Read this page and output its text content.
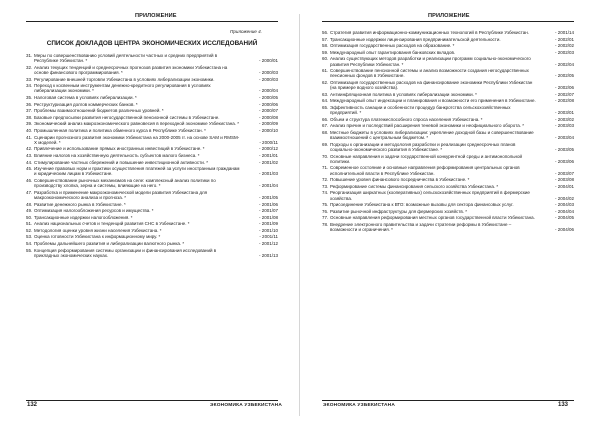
ПРИЛОЖЕНИЕ
Приложение 4.
СПИСОК ДОКЛАДОВ ЦЕНТРА ЭКОНОМИЧЕСКИХ ИССЛЕДОВАНИЙ
31. Меры по совершенствованию условий деятельности частных и средних предприятий в Республике Узбекистан. *	- 2000/01
32. Анализ текущих тенденций и среднесрочных прогнозов развития экономики Узбекистана на основе финансового программирования. *	- 2000/03
33. Регулирование внешней торговли Узбекистана в условиях либерализации экономики.	- 2000/03
34. Переход к косвенным инструментам денежно-кредитного регулирования в условиях либерализации экономики. *	- 2000/04
35. Налоговая система в условиях либерализации. *	- 2000/05
36. Реструктуризация долгов коммерческих банков. *	- 2000/06
37. Проблемы взаимоотношений бюджетов различных уровней. *	- 2000/07
38. Базовые предпосылки развития негосударственной пенсионной системы в Узбекистане.	- 2000/08
39. Экономический анализ макроэкономического равновесия в переходной экономике Узбекистана. *	- 2000/09
40. Промышленная политика и политика обменного курса в Республике Узбекистан. *	- 2000/10
41. Сценарии прогнозного развития экономики Узбекистана на 2000-2005 гг. на основе SAM и RMSM-X моделей. *	- 2000/11
42. Привлечение и использование прямых иностранных инвестиций в Узбекистане. *	- 2000/12
43. Влияние налогов на хозяйственную деятельность субъектов малого бизнеса. *	- 2001/01
44. Стимулирование частных сбережений и повышение инвестиционной активности. *	- 2001/02
45. Изучение правовых норм и практики осуществления платежей за услуги иностранным гражданам и юридическим лицам в Узбекистане.	- 2001/03
46. Совершенствование рыночных механизмов на селе: комплексный анализ политики по производству хлопка, зерна и системы, влияющие на него. *	- 2001/04
47. Разработка и применение макроэкономической модели развития Узбекистана для макроэкономического анализа и прогноза. *	- 2001/05
48. Развитие денежного рынка в Узбекистане. *	- 2001/06
49. Оптимизация налогообложения ресурсов и имущества. *	- 2001/07
50. Трансакционные издержки налогообложения. *	- 2001/08
51. Анализ национальных счетов и тенденций развития СНС в Узбекистане. *	- 2001/09
52. Методология оценки уровня жизни населения Узбекистана. *	- 2001/10
53. Оценка готовности Узбекистана к информационному миру. *	- 2001/11
54. Проблемы дальнейшего развития и либерализации валютного рынка. *	- 2001/12
55. Концепция реформирования системы организации и финансирования исследований в прикладных экономических науках.	- 2001/13
132	ЭКОНОМИКА УЗБЕКИСТАНА
ПРИЛОЖЕНИЕ
56. Стратегия развития информационно-коммуникационных технологий в Республике Узбекистан.	- 2001/14
57. Трансакционные издержки лицензирования предпринимательской деятельности.	- 2002/01
58. Оптимизация государственных расходов на образование. *	- 2002/02
59. Международный опыт гарантирования банковских вкладов.	- 2002/03
60. Анализ существующих методов разработки и реализации программ социально-экономического развития Республики Узбекистан. *	- 2002/04
61. Совершенствование пенсионной системы и анализ возможности создания негосударственных пенсионных фондов в Узбекистане.	- 2002/05
62. Оптимизация государственных расходов на финансирование экономики Республики Узбекистан (на примере водного хозяйства).	- 2002/06
63. Антиинфляционная политика в условиях либерализации экономики. *	- 2002/07
64. Международный опыт индексации и планирования и возможности его применения в Узбекистане.	- 2002/08
65. Эффективность санации и особенности процедур банкротства сельскохозяйственных предприятий. *	- 2003/01
66. Объем и структура платежеспособного спроса населения Узбекистана. *	- 2003/02
67. Анализ причин и последствий расширения теневой экономики и неофициального оборота. *	- 2003/03
68. Местные бюджеты в условиях либерализации: укрепление доходной базы и совершенствование взаимоотношений с центральным бюджетом. *	- 2003/04
69. Подходы к организации и методология разработки и реализации среднесрочных планов социально-экономического развития в Узбекистане. *	- 2003/05
70. Основные направления и задачи государственной конкурентной среды и антимонопольной политики.	- 2003/06
71. Современное состояние и основные направления реформирования центральных органов исполнительной власти в Республике Узбекистан.	- 2003/07
72. Повышение уровня финансового посредничества в Узбекистане. *	- 2003/08
73. Реформирование системы финансирования сельского хозяйства Узбекистана. *	- 2004/01
74. Реорганизация ширкатных (кооперативных) сельскохозяйственных предприятий в фермерские хозяйства.	- 2004/02
75. Присоединение Узбекистана к ВТО: возможные вызовы для сектора финансовых услуг.	- 2004/03
76. Развитие рыночной инфраструктуры для фермерских хозяйств. *	- 2004/04
77. Основные направления реформирования местных органов государственной власти Узбекистана.	- 2004/05
78. Внедрение электронного правительства и задачи стратегии реформы в Узбекистане – возможности и ограничения. *	- 2004/06
133
ЭКОНОМИКА УЗБЕКИСТАНА
